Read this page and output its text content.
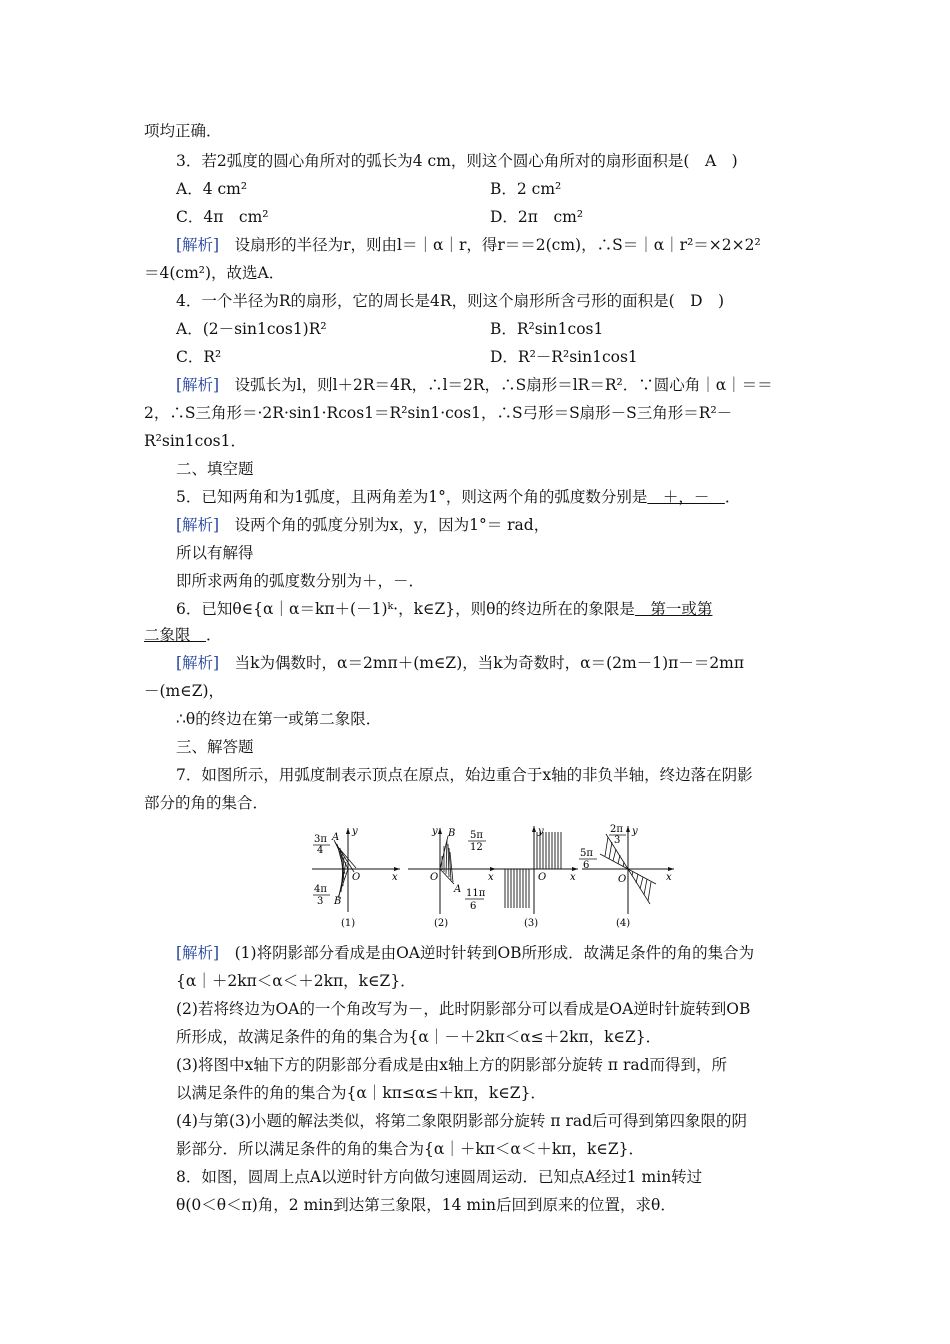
项均正确．
3．若2弧度的圆心角所对的弧长为4 cm，则这个圆心角所对的扇形面积是(　A　)
A．4 cm²	B．2 cm²
C．4π　cm²	D．2π　cm²
[解析]　设扇形的半径为r，则由l＝｜α｜r，得r＝＝2(cm)，∴S＝｜α｜r²＝×2×2²
＝4(cm²)，故选A．
4．一个半径为R的扇形，它的周长是4R，则这个扇形所含弓形的面积是(　D　)
A．(2－sin1cos1)R²	B．R²sin1cos1
C．R²	D．R²－R²sin1cos1
[解析]　设弧长为l，则l＋2R＝4R，∴l＝2R，∴S扇形＝lR＝R²．∵圆心角｜α｜＝＝
2，∴S三角形＝·2R·sin1·Rcos1＝R²sin1·cos1，∴S弓形＝S扇形－S三角形＝R²－
R²sin1cos1．
二、填空题
5．已知两角和为1弧度，且两角差为1°，则这两个角的弧度数分别是　＋，－　．
[解析]　设两个角的弧度分别为x，y，因为1°＝ rad，
所以有解得
即所求两角的弧度数分别为＋，－．
6．已知θ∈{α｜α＝kπ＋(－1)ᵏ·，k∈Z}，则θ的终边所在的象限是　第一或第
二象限　．
[解析]　当k为偶数时，α＝2mπ＋(m∈Z)，当k为奇数时，α＝(2m－1)π－＝2mπ
－(m∈Z)，
∴θ的终边在第一或第二象限．
三、解答题
7．如图所示，用弧度制表示顶点在原点，始边重合于x轴的非负半轴，终边落在阴影
部分的角的集合．
3π
4
4π
3
A
B
O	x
y
(1)
5π
12
11π
6
B
A
O	x
y
(2)
O x
y
(3)
2π
3
5π
6
O	x
y
(4)
[解析]　(1)将阴影部分看成是由OA逆时针转到OB所形成．故满足条件的角的集合为
{α｜＋2kπ＜α＜＋2kπ，k∈Z}．
(2)若将终边为OA的一个角改写为－，此时阴影部分可以看成是OA逆时针旋转到OB
所形成，故满足条件的角的集合为{α｜－＋2kπ＜α≤＋2kπ，k∈Z}．
(3)将图中x轴下方的阴影部分看成是由x轴上方的阴影部分旋转 π rad而得到，所
以满足条件的角的集合为{α｜kπ≤α≤＋kπ，k∈Z}．
(4)与第(3)小题的解法类似，将第二象限阴影部分旋转 π rad后可得到第四象限的阴
影部分．所以满足条件的角的集合为{α｜＋kπ＜α＜＋kπ，k∈Z}．
8．如图，圆周上点A以逆时针方向做匀速圆周运动．已知点A经过1 min转过
θ(0＜θ＜π)角，2 min到达第三象限，14 min后回到原来的位置，求θ．
